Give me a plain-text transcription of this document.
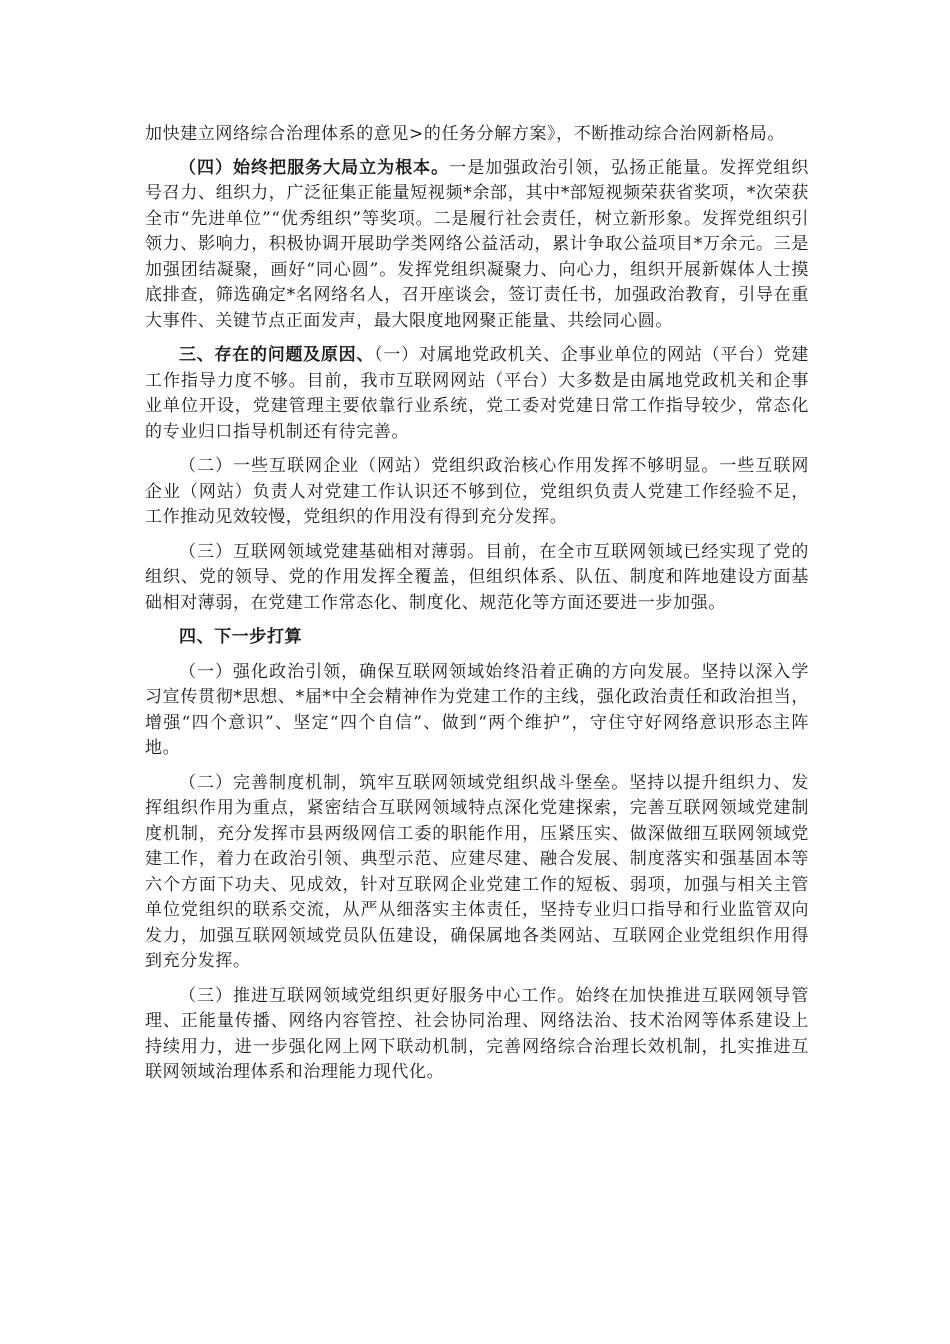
加快建立网络综合治理体系的意见>的任务分解方案》，不断推动综合治网新格局。

（四）始终把服务大局立为根本。一是加强政治引领，弘扬正能量。发挥党组织号召力、组织力，广泛征集正能量短视频*余部，其中*部短视频荣获省奖项，*次荣获全市“先进单位”“优秀组织”等奖项。二是履行社会责任，树立新形象。发挥党组织引领力、影响力，积极协调开展助学类网络公益活动，累计争取公益项目*万余元。三是加强团结凝聚，画好“同心圆”。发挥党组织凝聚力、向心力，组织开展新媒体人士摸底排查，筛选确定*名网络名人，召开座谈会，签订责任书，加强政治教育，引导在重大事件、关键节点正面发声，最大限度地网聚正能量、共绘同心圆。

三、存在的问题及原因、（一）对属地党政机关、企事业单位的网站（平台）党建工作指导力度不够。目前，我市互联网网站（平台）大多数是由属地党政机关和企事业单位开设，党建管理主要依靠行业系统，党工委对党建日常工作指导较少，常态化的专业归口指导机制还有待完善。

（二）一些互联网企业（网站）党组织政治核心作用发挥不够明显。一些互联网企业（网站）负责人对党建工作认识还不够到位，党组织负责人党建工作经验不足，工作推动见效较慢，党组织的作用没有得到充分发挥。

（三）互联网领域党建基础相对薄弱。目前，在全市互联网领域已经实现了党的组织、党的领导、党的作用发挥全覆盖，但组织体系、队伍、制度和阵地建设方面基础相对薄弱，在党建工作常态化、制度化、规范化等方面还要进一步加强。

四、下一步打算

（一）强化政治引领，确保互联网领域始终沿着正确的方向发展。坚持以深入学习宣传贯彻*思想、*届*中全会精神作为党建工作的主线，强化政治责任和政治担当，增强“四个意识”、坚定“四个自信”、做到“两个维护”，守住守好网络意识形态主阵地。

（二）完善制度机制，筑牢互联网领域党组织战斗堡垒。坚持以提升组织力、发挥组织作用为重点，紧密结合互联网领域特点深化党建探索，完善互联网领域党建制度机制，充分发挥市县两级网信工委的职能作用，压紧压实、做深做细互联网领域党建工作，着力在政治引领、典型示范、应建尽建、融合发展、制度落实和强基固本等六个方面下功夫、见成效，针对互联网企业党建工作的短板、弱项，加强与相关主管单位党组织的联系交流，从严从细落实主体责任，坚持专业归口指导和行业监管双向发力，加强互联网领域党员队伍建设，确保属地各类网站、互联网企业党组织作用得到充分发挥。

（三）推进互联网领域党组织更好服务中心工作。始终在加快推进互联网领导管理、正能量传播、网络内容管控、社会协同治理、网络法治、技术治网等体系建设上持续用力，进一步强化网上网下联动机制，完善网络综合治理长效机制，扎实推进互联网领域治理体系和治理能力现代化。
